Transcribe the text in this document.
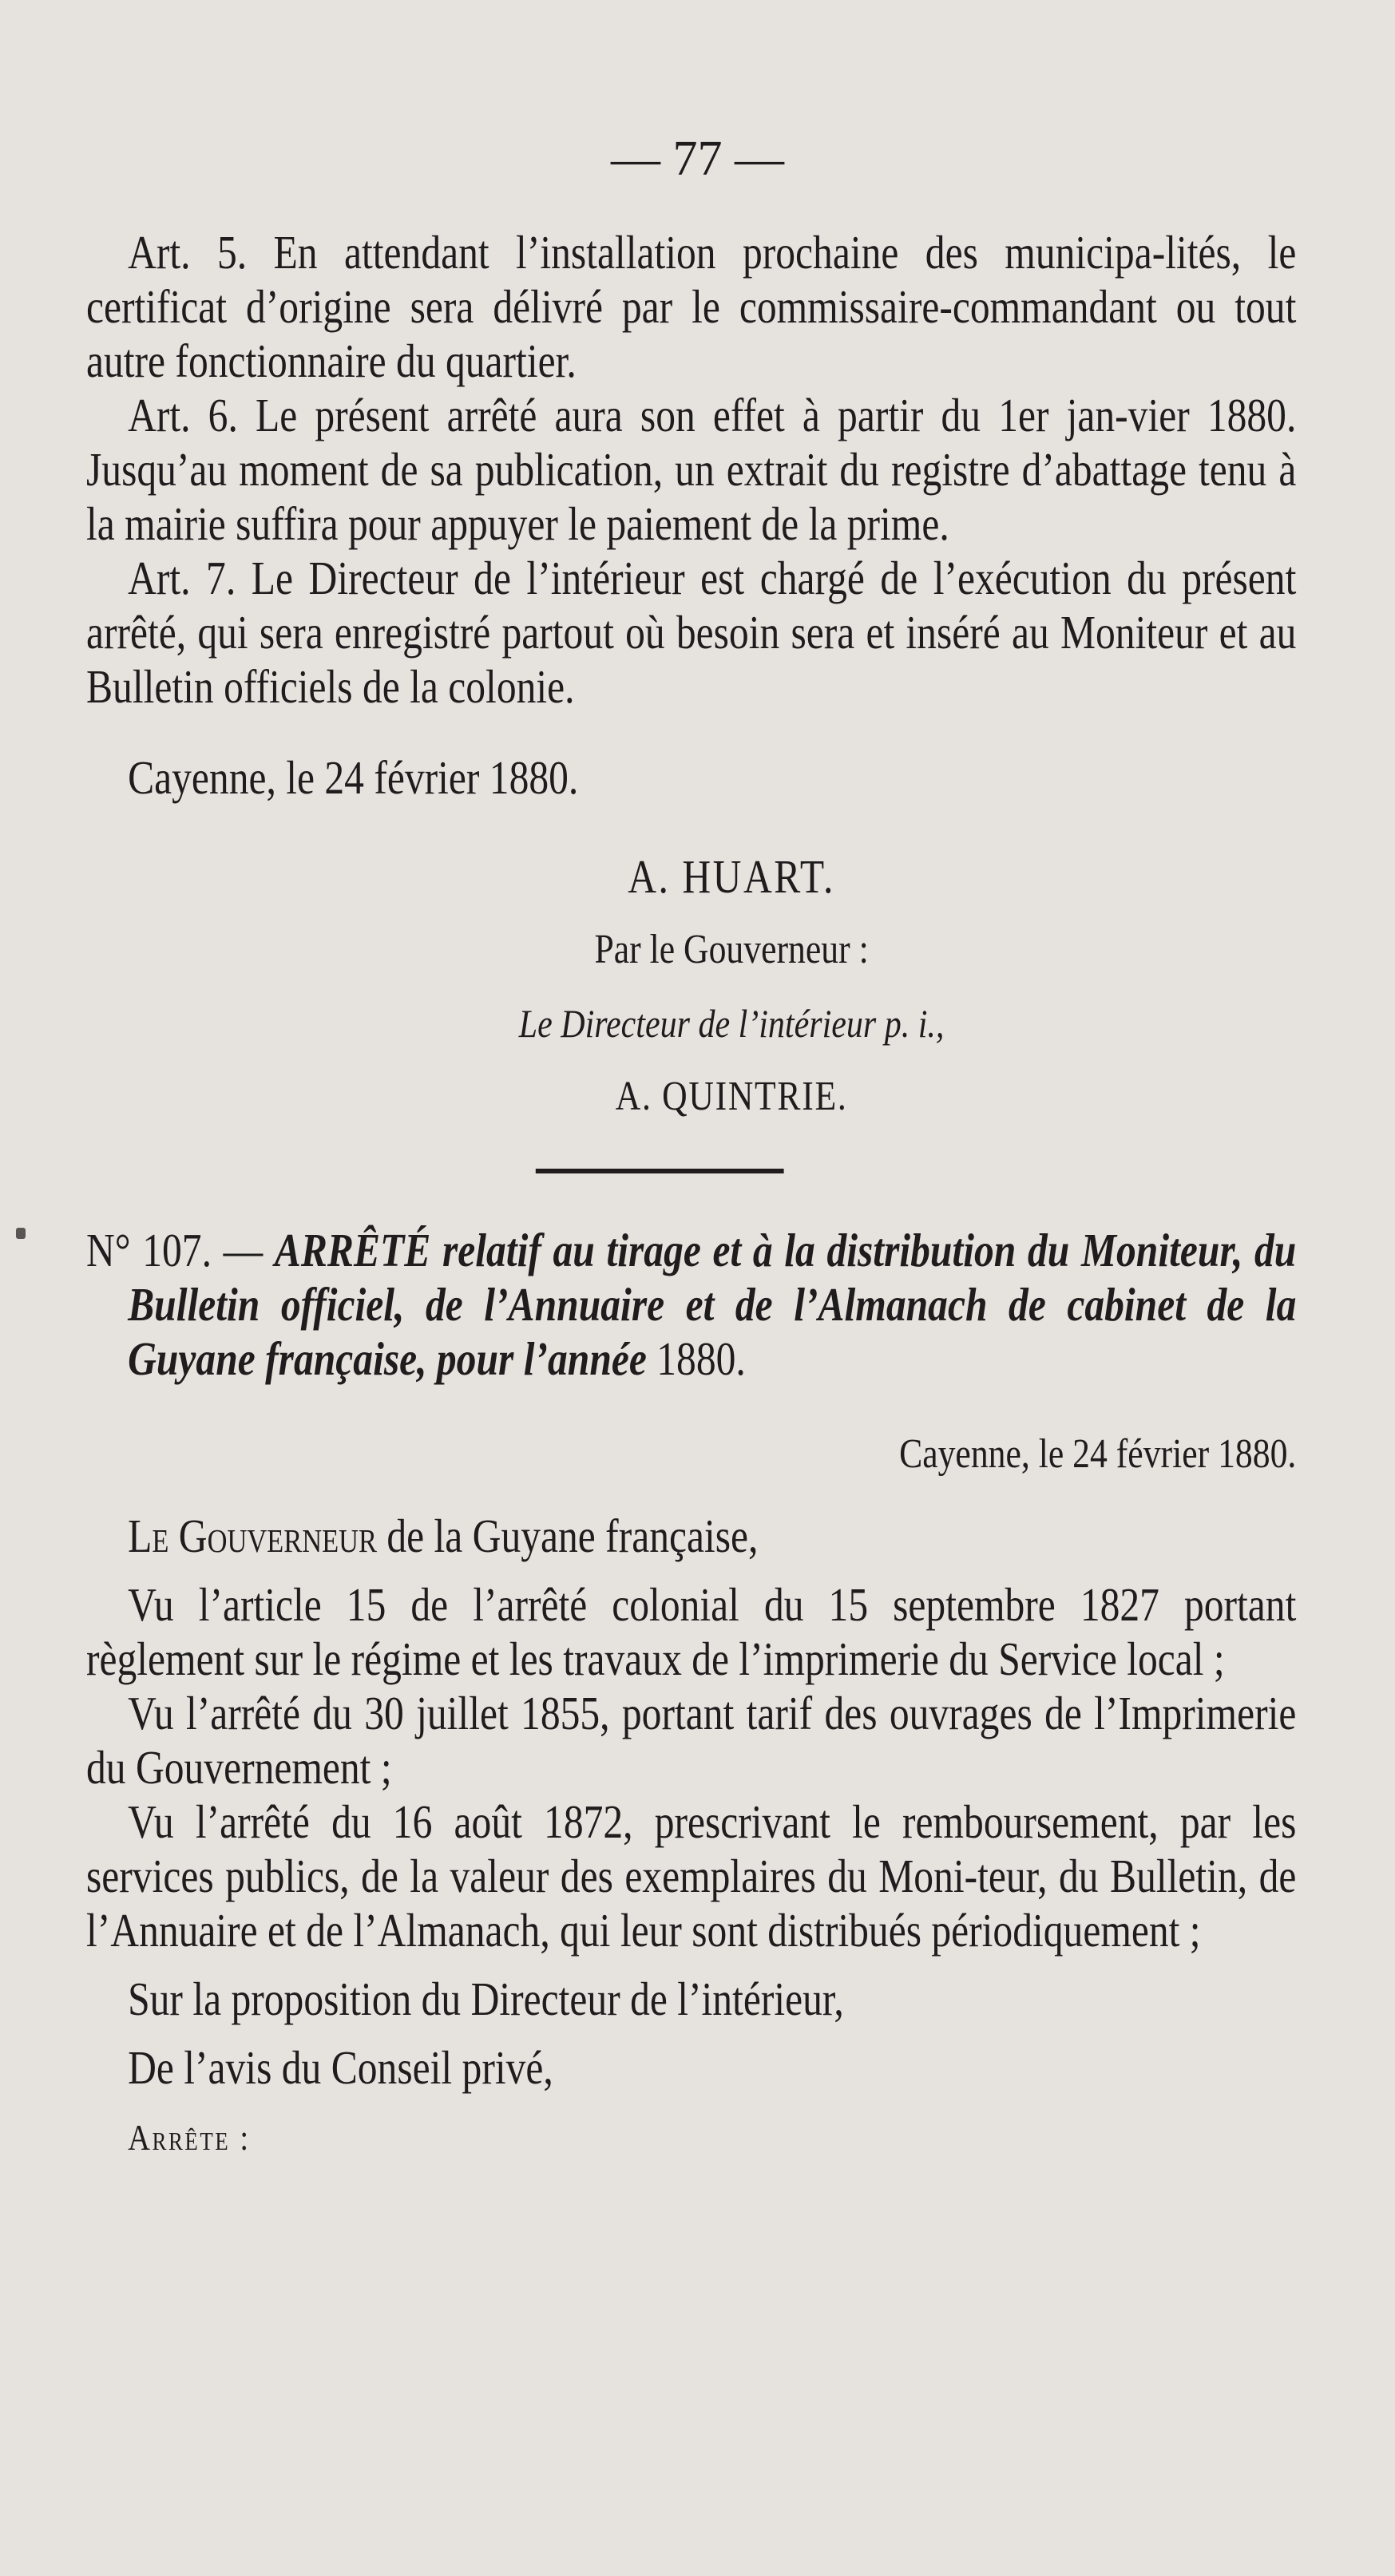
— 77 —

Art. 5. En attendant l’installation prochaine des municipa-lités, le certificat d’origine sera délivré par le commissaire-commandant ou tout autre fonctionnaire du quartier.

Art. 6. Le présent arrêté aura son effet à partir du 1er jan-vier 1880. Jusqu’au moment de sa publication, un extrait du registre d’abattage tenu à la mairie suffira pour appuyer le paiement de la prime.

Art. 7. Le Directeur de l’intérieur est chargé de l’exécution du présent arrêté, qui sera enregistré partout où besoin sera et inséré au Moniteur et au Bulletin officiels de la colonie.

Cayenne, le 24 février 1880.

A. HUART.

Par le Gouverneur :

Le Directeur de l’intérieur p. i.,

A. QUINTRIE.

N° 107. — ARRÊTÉ relatif au tirage et à la distribution du Moniteur, du Bulletin officiel, de l’Annuaire et de l’Almanach de cabinet de la Guyane française, pour l’année 1880.

Cayenne, le 24 février 1880.

Le Gouverneur de la Guyane française,

Vu l’article 15 de l’arrêté colonial du 15 septembre 1827 portant règlement sur le régime et les travaux de l’imprimerie du Service local ;

Vu l’arrêté du 30 juillet 1855, portant tarif des ouvrages de l’Imprimerie du Gouvernement ;

Vu l’arrêté du 16 août 1872, prescrivant le remboursement, par les services publics, de la valeur des exemplaires du Moni-teur, du Bulletin, de l’Annuaire et de l’Almanach, qui leur sont distribués périodiquement ;

Sur la proposition du Directeur de l’intérieur,

De l’avis du Conseil privé,

Arrête :
